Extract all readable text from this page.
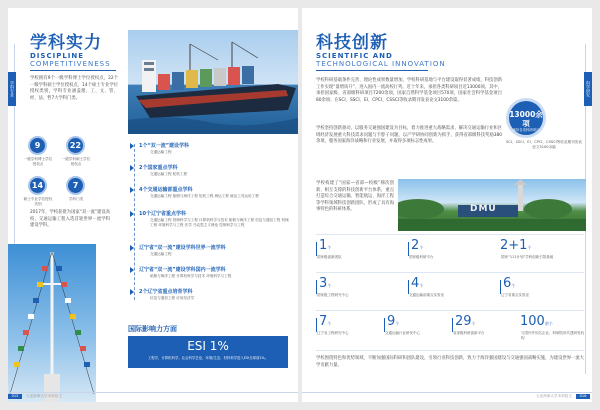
学科专业
学科实力
DISCIPLINE
COMPETITIVENESS
学校拥有9个一级学科博士学位授权点，22个一级学科硕士学位授权点，14个硕士专业学位授权类别，学科专业涵盖理、工、文、管、经、法、哲7大学科门类。
9
一级学科博士学位授权点
22
一级学科硕士学位授权点
14
硕士专业学位授权类别
7
学科门类
2017年，学校获批为国家“双一流”建设高校，交通运输工程入选首轮世界一流学科建设学科。
1个“双一流”建设学科
交通运输工程
2个国家重点学科
交通运输工程 轮机工程
4个交通运输部重点学科
交通运输工程 船舶与海洋工程 轮机工程 海运工程 载运工具运用工程
10个辽宁省重点学科
交通运输工程 管理科学与工程 计算机科学与技术 船舶与海洋工程 信息与通信工程 机械工程 环境科学与工程 法学 马克思主义理论 控制科学与工程
辽宁省“双一流”建设学科世界一流学科
交通运输工程
辽宁省“双一流”建设学科国内一流学科
船舶与海洋工程 计算机科学与技术 环境科学与工程
2个辽宁省重点培育学科
信息与通信工程 应用经济学
国际影响力方面
ESI 1%
工程学、计算机科学、社会科学总论、环境/生态、材料科学进入ESI全球前1%。
015	大连海事大学本科招生
科学研究
科技创新
SCIENTIFIC AND
TECHNOLOGICAL INNOVATION
学校科研基础条件完善、理论性成果数量增加，学校科研基地与平台建设取得显著成绩，科技创新工作实现“量增质升”，进入国内一流高校行列。近十年来，承担各类科研项目近13000项。其中，承担国家级、省部级科研项目7200余项，国家自然科学基金项目570项，国家社会科学基金项目80余项；在SCI、SSCI、EI、CPCI、CSSCI等收录期刊发表论文3100余篇。
学校坚持创新驱动，以服务交通强国建设为目标，着力推进重大战略需求，解决交通运输行业和区域经济发展重大科技需求问题与卡脖子问题，以产学研协同创新为抓手，获得省部级科技奖励380余项，服务国家海洋战略和行业发展，并取得多项标志性成果。
13000余项
承担各类科研项目
SCI、SSCI、EI、CPCI、CSSCI等收录期刊发表论文3100余篇
学校构建了“国家—省部—校级”梯次创新、相互支撑的科技创新平台体系，重点打造综合交通运输、智能航运、海洋工程等学科领域科技创新团队，形成了具有海事特色的科研体系。	DMU
1个
国家级创新团队
2个
国家级科研平台
2+1个
国家“111计划”学科创新引智基地
3个
国家级工程研究中心
4个
交通运输部重点实验室
6个
辽宁省重点实验室
7个
辽宁省工程研究中心
9个
交通运输行业研发中心
29个
省部级科研创新平台
100余个
与国内外知名企业、科研院所共建研发机构
学校围绕特色和优势领域，不断加强国际科研和团队建设，引领行业科技创新，致力于海洋强国建设与交通强国战略实施，为建设世界一流大学贡献力量。
大连海事大学本科招生	016
